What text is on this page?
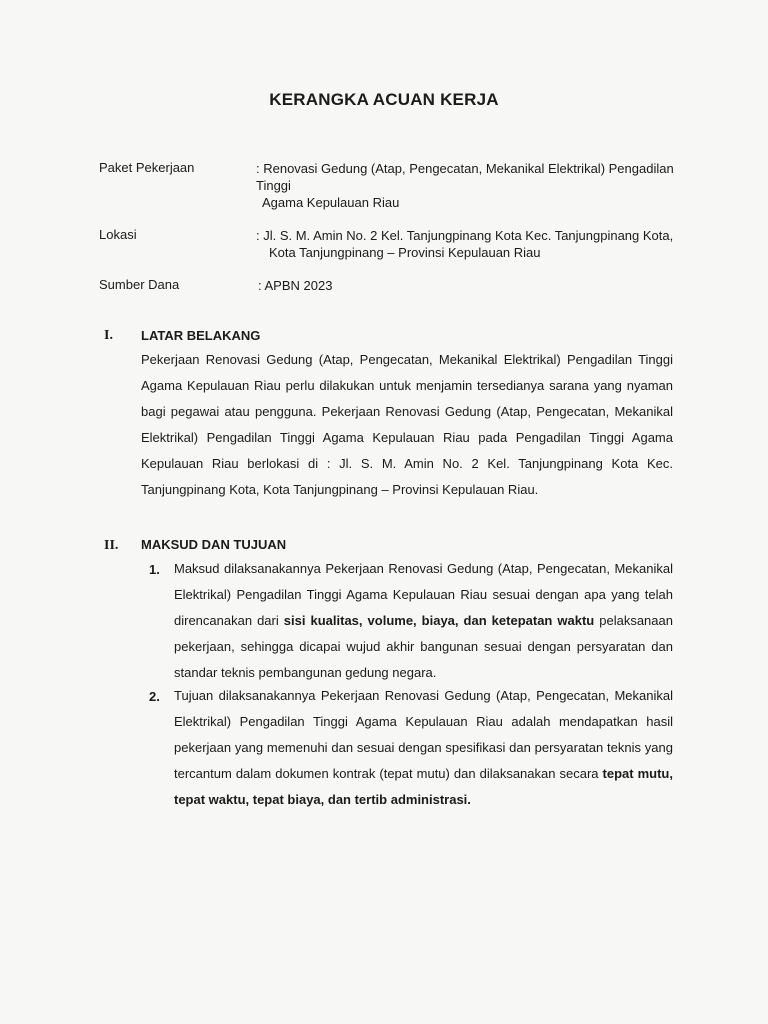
KERANGKA ACUAN KERJA
Paket Pekerjaan	: Renovasi Gedung (Atap, Pengecatan, Mekanikal Elektrikal) Pengadilan
Tinggi
Agama Kepulauan Riau
Lokasi	: Jl. S. M. Amin No. 2 Kel. Tanjungpinang Kota Kec. Tanjungpinang Kota,
Kota Tanjungpinang – Provinsi Kepulauan Riau
Sumber Dana	: APBN 2023
I. LATAR BELAKANG
Pekerjaan Renovasi Gedung (Atap, Pengecatan, Mekanikal Elektrikal) Pengadilan Tinggi
Agama Kepulauan Riau perlu dilakukan untuk menjamin tersedianya sarana yang nyaman
bagi pegawai atau pengguna. Pekerjaan Renovasi Gedung (Atap, Pengecatan, Mekanikal
Elektrikal) Pengadilan Tinggi Agama Kepulauan Riau pada Pengadilan Tinggi Agama
Kepulauan Riau berlokasi di : Jl. S. M. Amin No. 2 Kel. Tanjungpinang Kota Kec.
Tanjungpinang Kota, Kota Tanjungpinang – Provinsi Kepulauan Riau.
II. MAKSUD DAN TUJUAN
1. Maksud dilaksanakannya Pekerjaan Renovasi Gedung (Atap, Pengecatan, Mekanikal
Elektrikal) Pengadilan Tinggi Agama Kepulauan Riau sesuai dengan apa yang telah
direncanakan dari sisi kualitas, volume, biaya, dan ketepatan waktu pelaksanaan
pekerjaan, sehingga dicapai wujud akhir bangunan sesuai dengan persyaratan dan
standar teknis pembangunan gedung negara.
2. Tujuan dilaksanakannya Pekerjaan Renovasi Gedung (Atap, Pengecatan, Mekanikal
Elektrikal) Pengadilan Tinggi Agama Kepulauan Riau adalah mendapatkan hasil
pekerjaan yang memenuhi dan sesuai dengan spesifikasi dan persyaratan teknis yang
tercantum dalam dokumen kontrak (tepat mutu) dan dilaksanakan secara tepat mutu,
tepat waktu, tepat biaya, dan tertib administrasi.
